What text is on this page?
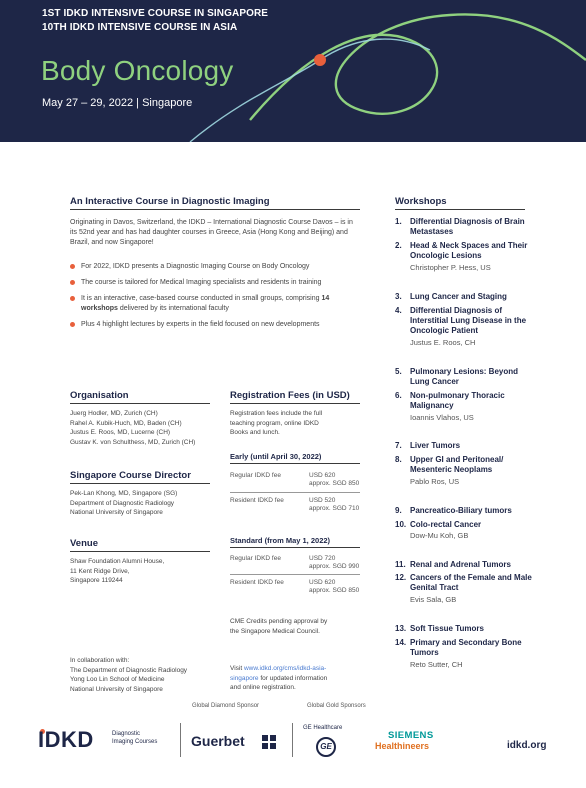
1ST IDKD INTENSIVE COURSE IN SINGAPORE
10TH IDKD INTENSIVE COURSE IN ASIA
Body Oncology
May 27 – 29, 2022 | Singapore
An Interactive Course in Diagnostic Imaging
Originating in Davos, Switzerland, the IDKD – International Diagnostic Course Davos – is in its 52nd year and has had daughter courses in Greece, Asia (Hong Kong and Beijing) and Brazil, and now Singapore!
For 2022, IDKD presents a Diagnostic Imaging Course on Body Oncology
The course is tailored for Medical Imaging specialists and residents in training
It is an interactive, case-based course conducted in small groups, comprising 14 workshops delivered by its international faculty
Plus 4 highlight lectures by experts in the field focused on new developments
Organisation
Juerg Hodler, MD, Zurich (CH)
Rahel A. Kubik-Huch, MD, Baden (CH)
Justus E. Roos, MD, Lucerne (CH)
Gustav K. von Schulthess, MD, Zurich (CH)
Singapore Course Director
Pek-Lan Khong, MD, Singapore (SG)
Department of Diagnostic Radiology
National University of Singapore
Venue
Shaw Foundation Alumni House,
11 Kent Ridge Drive,
Singapore 119244
In collaboration with:
The Department of Diagnostic Radiology
Yong Loo Lin School of Medicine
National University of Singapore
Registration Fees (in USD)
Registration fees include the full
teaching program, online IDKD
Books and lunch.
Early (until April 30, 2022)
Regular IDKD fee	USD 620
approx. SGD 850
Resident IDKD fee	USD 520
approx. SGD 710
Standard (from May 1, 2022)
Regular IDKD fee	USD 720
approx. SGD 990
Resident IDKD fee	USD 620
approx. SGD 850
CME Credits pending approval by
the Singapore Medical Council.
Visit www.idkd.org/cms/idkd-asia-
singapore for updated information
and online registration.
Workshops
1. Differential Diagnosis of Brain Metastases
2. Head & Neck Spaces and Their Oncologic Lesions
Christopher P. Hess, US
3. Lung Cancer and Staging
4. Differential Diagnosis of Interstitial Lung Disease in the Oncologic Patient
Justus E. Roos, CH
5. Pulmonary Lesions: Beyond Lung Cancer
6. Non-pulmonary Thoracic Malignancy
Ioannis Vlahos, US
7. Liver Tumors
8. Upper GI and Peritoneal/ Mesenteric Neoplams
Pablo Ros, US
9. Pancreatico-Biliary tumors
10. Colo-rectal Cancer
Dow-Mu Koh, GB
11. Renal and Adrenal Tumors
12. Cancers of the Female and Male Genital Tract
Evis Sala, GB
13. Soft Tissue Tumors
14. Primary and Secondary Bone Tumors
Reto Sutter, CH
Global Diamond Sponsor	Global Gold Sponsors
IDKD	Diagnostic
Imaging Courses	Guerbet
GE Healthcare
GE
SIEMENS
Healthineers	idkd.org
